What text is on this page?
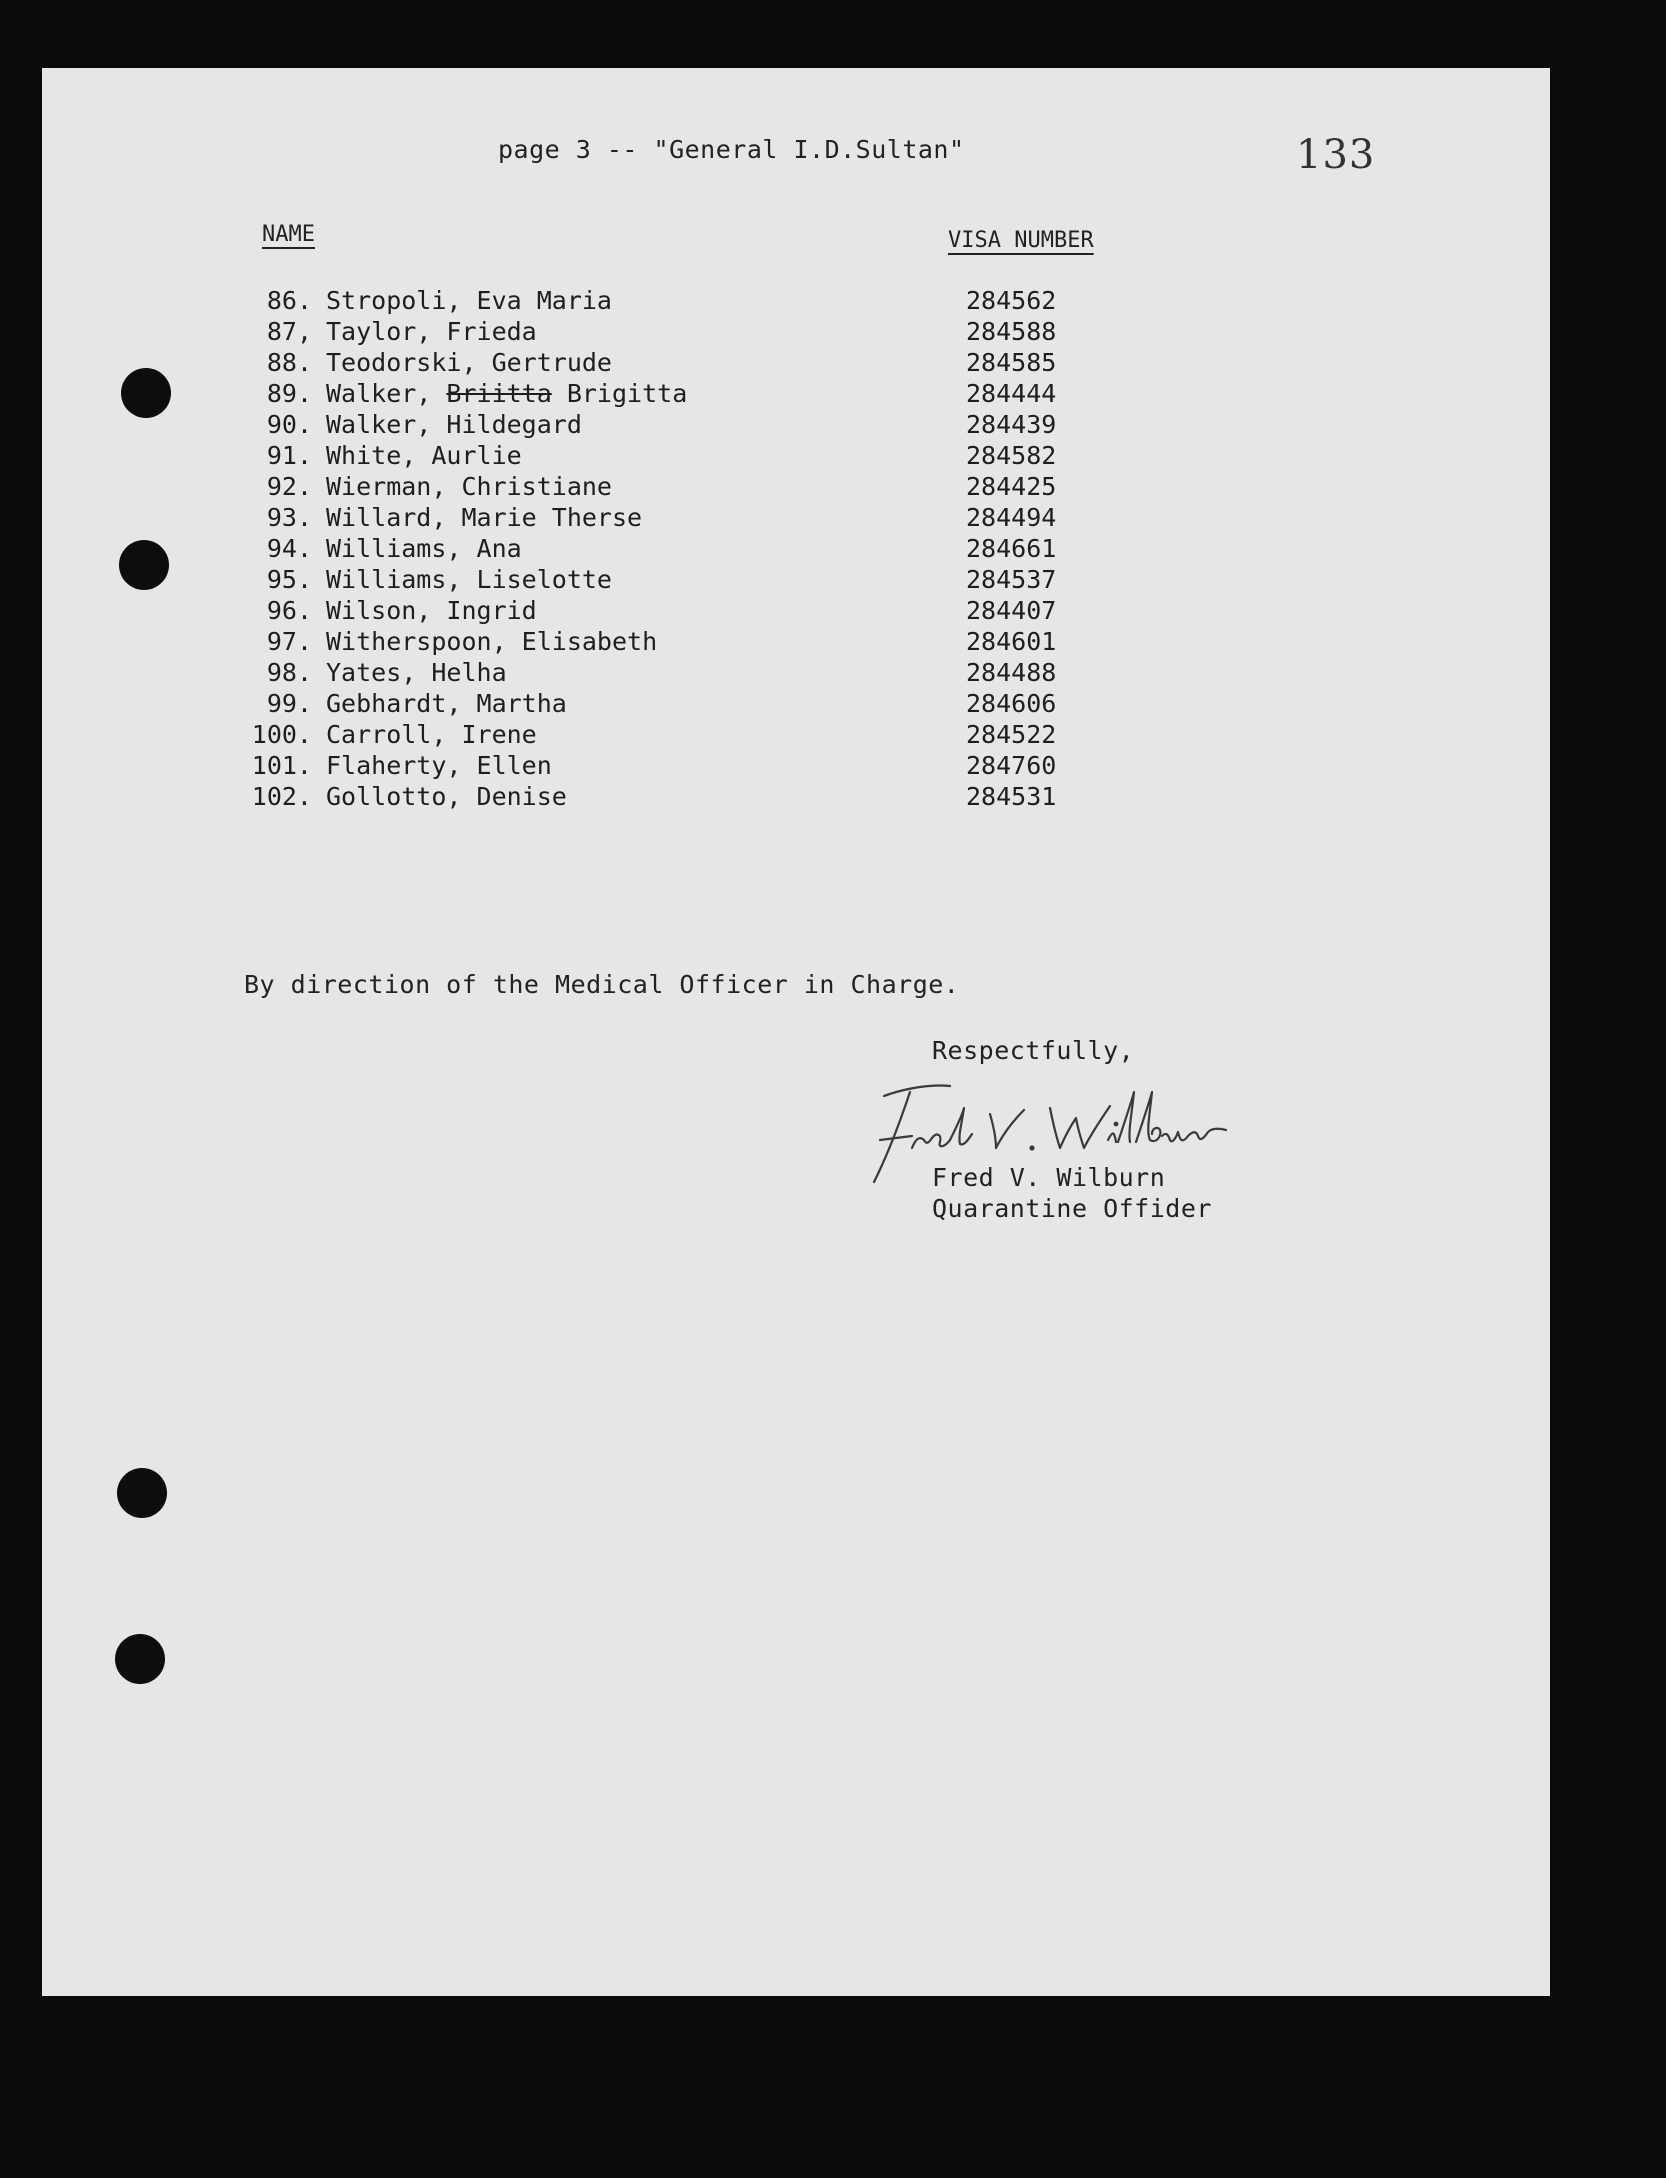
page 3 -- "General I.D.Sultan"	133
NAME	VISA NUMBER
86. Stropoli, Eva Maria	284562
87, Taylor, Frieda	284588
88. Teodorski, Gertrude	284585
89. Walker, Briitta Brigitta	284444
90. Walker, Hildegard	284439
91. White, Aurlie	284582
92. Wierman, Christiane	284425
93. Willard, Marie Therse	284494
94. Williams, Ana	284661
95. Williams, Liselotte	284537
96. Wilson, Ingrid	284407
97. Witherspoon, Elisabeth	284601
98. Yates, Helha	284488
99. Gebhardt, Martha	284606
100. Carroll, Irene	284522
101. Flaherty, Ellen	284760
102. Gollotto, Denise	284531
By direction of the Medical Officer in Charge.
Respectfully,
Fred V. Wilburn
Quarantine Offider
